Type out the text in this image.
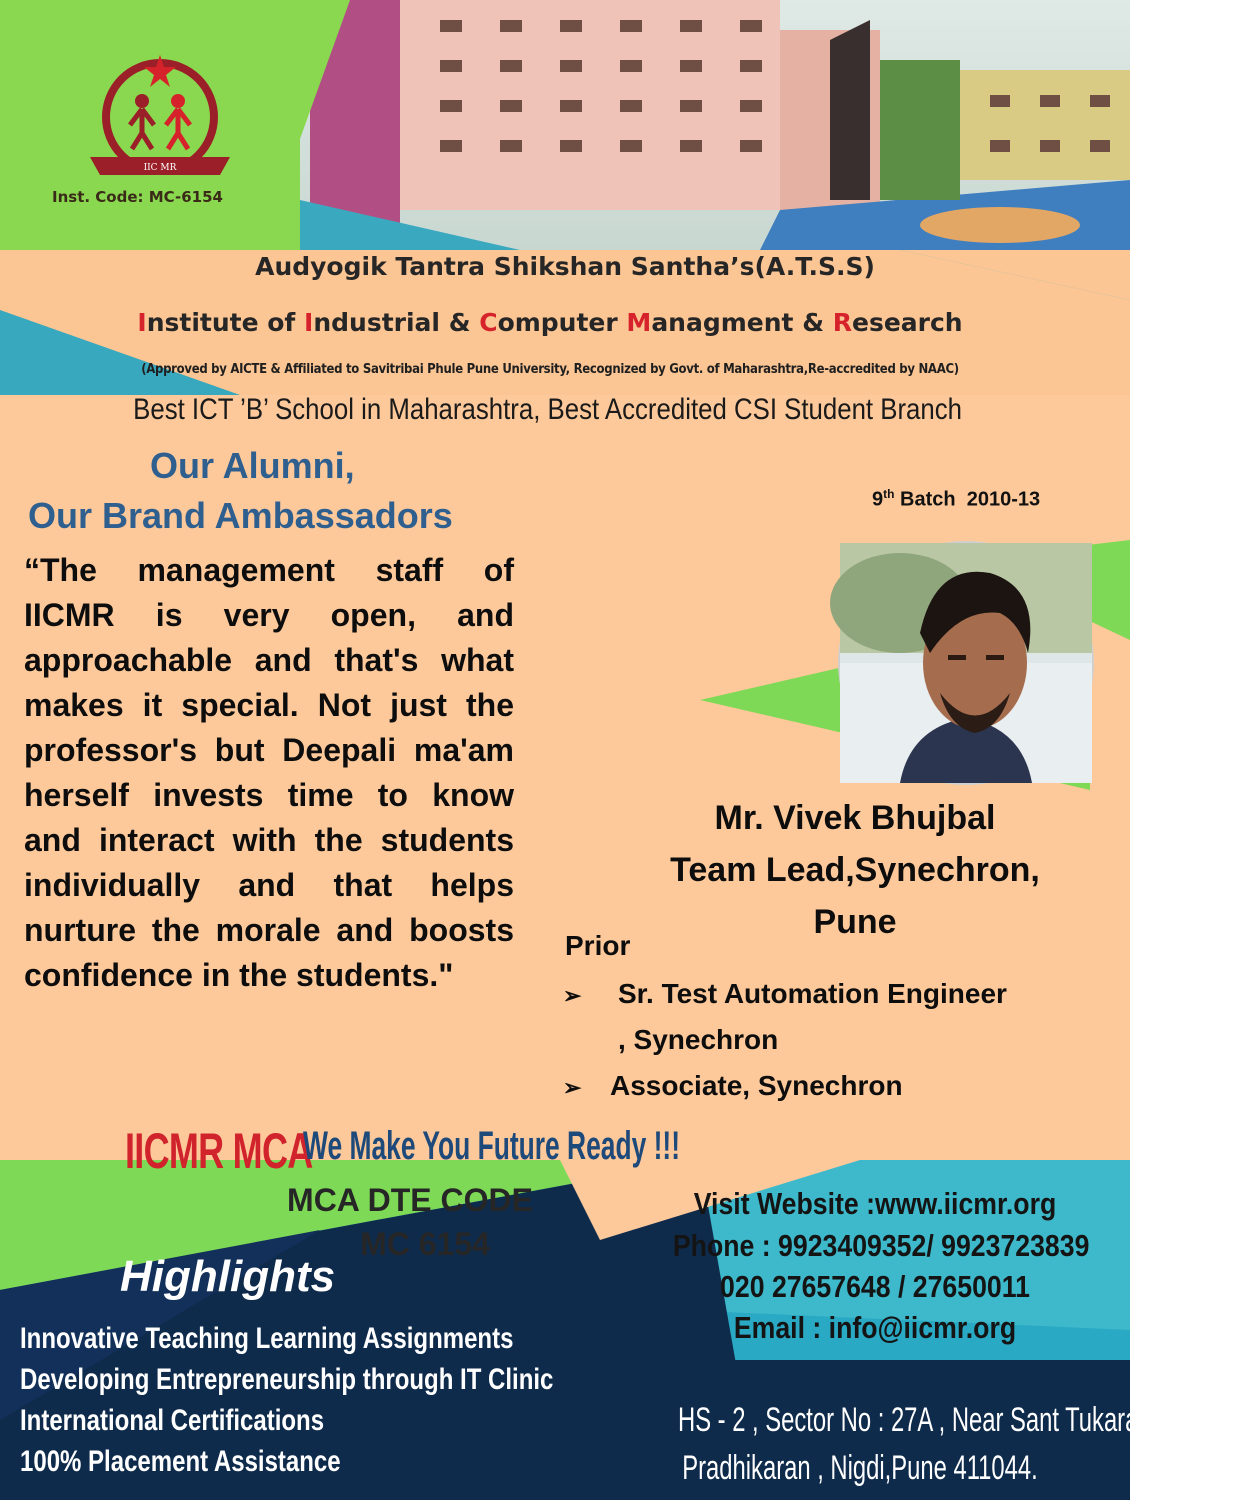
IIC MR
Inst. Code: MC-6154
Audyogik Tantra Shikshan Santha’s(A.T.S.S)
Institute of Industrial & Computer Managment & Research
(Approved by AICTE & Affiliated to Savitribai Phule Pune University, Recognized by Govt. of Maharashtra,Re-accredited by NAAC)
Best ICT ’B’ School in Maharashtra, Best Accredited CSI Student Branch
Our Alumni,
Our Brand Ambassadors	9th Batch 2010-13
“The management staff of IICMR is very open, and approachable and that's what makes it special. Not just the professor's but Deepali ma'am herself invests time to know and interact with the students individually and that helps nurture the morale and boosts confidence in the students."
Mr. Vivek Bhujbal
Team Lead,Synechron,
Pune
Prior
➢ Sr. Test Automation Engineer
, Synechron
➢ Associate, Synechron
IICMR MCA
We Make You Future Ready !!!
MCA DTE CODE
MC 6154
Highlights
Innovative Teaching Learning Assignments
Developing Entrepreneurship through IT Clinic
International Certifications
100% Placement Assistance
Visit Website :www.iicmr.org
Phone : 9923409352/ 9923723839
020 27657648 / 27650011
Email : info@iicmr.org
HS - 2 , Sector No : 27A , Near Sant Tukaram Garden
Pradhikaran , Nigdi,Pune 411044.
